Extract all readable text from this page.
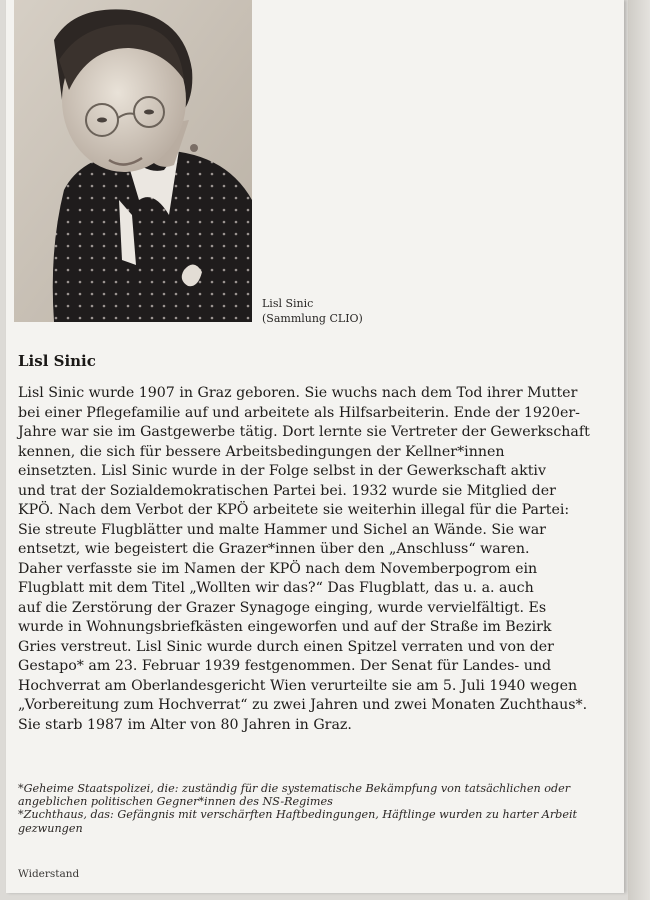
Lisl Sinic
(Sammlung CLIO)
Lisl Sinic
Lisl Sinic wurde 1907 in Graz geboren. Sie wuchs nach dem Tod ihrer Mutter
bei einer Pflegefamilie auf und arbeitete als Hilfsarbeiterin. Ende der 1920er-
Jahre war sie im Gastgewerbe tätig. Dort lernte sie Vertreter der Gewerkschaft
kennen, die sich für bessere Arbeitsbedingungen der Kellner*innen
einsetzten. Lisl Sinic wurde in der Folge selbst in der Gewerkschaft aktiv
und trat der Sozialdemokratischen Partei bei. 1932 wurde sie Mitglied der
KPÖ. Nach dem Verbot der KPÖ arbeitete sie weiterhin illegal für die Partei:
Sie streute Flugblätter und malte Hammer und Sichel an Wände. Sie war
entsetzt, wie begeistert die Grazer*innen über den „Anschluss“ waren.
Daher verfasste sie im Namen der KPÖ nach dem Novemberpogrom ein
Flugblatt mit dem Titel „Wollten wir das?“ Das Flugblatt, das u. a. auch
auf die Zerstörung der Grazer Synagoge einging, wurde vervielfältigt. Es
wurde in Wohnungsbriefkästen eingeworfen und auf der Straße im Bezirk
Gries verstreut. Lisl Sinic wurde durch einen Spitzel verraten und von der
Gestapo* am 23. Februar 1939 festgenommen. Der Senat für Landes- und
Hochverrat am Oberlandesgericht Wien verurteilte sie am 5. Juli 1940 wegen
„Vorbereitung zum Hochverrat“ zu zwei Jahren und zwei Monaten Zuchthaus*.
Sie starb 1987 im Alter von 80 Jahren in Graz.
*Geheime Staatspolizei, die: zuständig für die systematische Bekämpfung von tatsächlichen oder
angeblichen politischen Gegner*innen des NS-Regimes
*Zuchthaus, das: Gefängnis mit verschärften Haftbedingungen, Häftlinge wurden zu harter Arbeit
gezwungen
Widerstand
